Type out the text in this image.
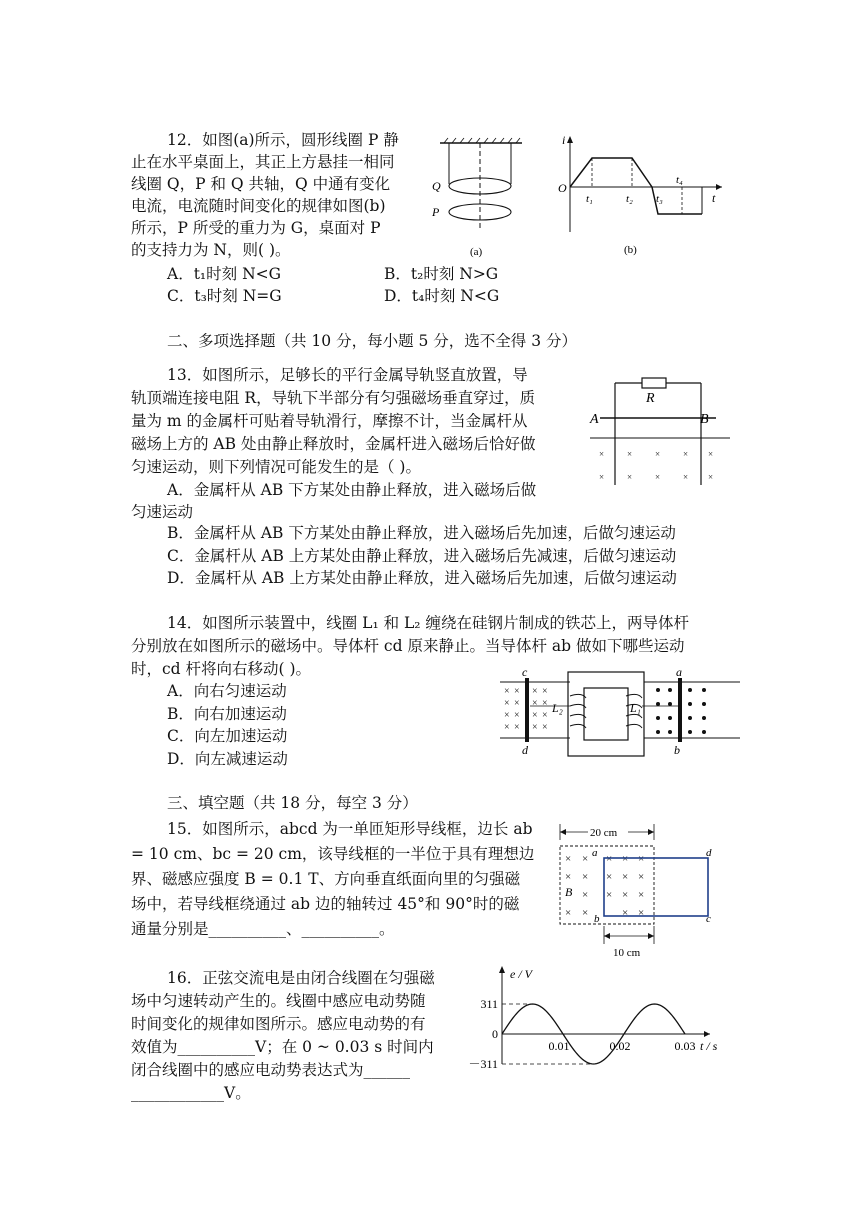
12．如图(a)所示，圆形线圈 P 静
止在水平桌面上，其正上方悬挂一相同
线圈 Q，P 和 Q 共轴，Q 中通有变化
电流，电流随时间变化的规律如图(b)
所示，P 所受的重力为 G，桌面对 P
的支持力为 N，则( )。
A．t₁时刻 N<G	B．t₂时刻 N>G
C．t₃时刻 N=G	D．t₄时刻 N<G
Q
P
(a)
i
t
O
t₁	t₂ t₃
t₄
(b)
二、多项选择题（共 10 分，每小题 5 分，选不全得 3 分）
13．如图所示，足够长的平行金属导轨竖直放置，导
轨顶端连接电阻 R，导轨下半部分有匀强磁场垂直穿过，质
量为 m 的金属杆可贴着导轨滑行，摩擦不计，当金属杆从
磁场上方的 AB 处由静止释放时，金属杆进入磁场后恰好做
匀速运动，则下列情况可能发生的是（ )。
A．金属杆从 AB 下方某处由静止释放，进入磁场后做
匀速运动
B．金属杆从 AB 下方某处由静止释放，进入磁场后先加速，后做匀速运动
C．金属杆从 AB 上方某处由静止释放，进入磁场后先减速，后做匀速运动
D．金属杆从 AB 上方某处由静止释放，进入磁场后先加速，后做匀速运动
R
A	B
×	×	×	× ×
×	×	×	× ×
14．如图所示装置中，线圈 L₁ 和 L₂ 缠绕在硅钢片制成的铁芯上，两导体杆
分别放在如图所示的磁场中。导体杆 cd 原来静止。当导体杆 ab 做如下哪些运动
时，cd 杆将向右移动( )。
A．向右匀速运动
B．向右加速运动
C．向左加速运动
D．向左减速运动
× × × ×
× × × ×
× × × ×
× × × ×
c
d
L₂	L₁
a
b
三、填空题（共 18 分，每空 3 分）
15．如图所示，abcd 为一单匝矩形导线框，边长 ab
= 10 cm、bc = 20 cm，该导线框的一半位于具有理想边
界、磁感应强度 B = 0.1 T、方向垂直纸面向里的匀强磁
场中，若导线框绕通过 ab 边的轴转过 45°和 90°时的磁
通量分别是__________、__________。
20 cm
× × × × ×
× × × × ×
× × × ×
× ×	× ×
B
a
b
d
c
10 cm
16．正弦交流电是由闭合线圈在匀强磁
场中匀速转动产生的。线圈中感应电动势随
时间变化的规律如图所示。感应电动势的有
效值为__________V；在 0 ~ 0.03 s 时间内
闭合线圈中的感应电动势表达式为______
____________V。
e / V
t / s
311
0
－311
0.01	0.02	0.03
